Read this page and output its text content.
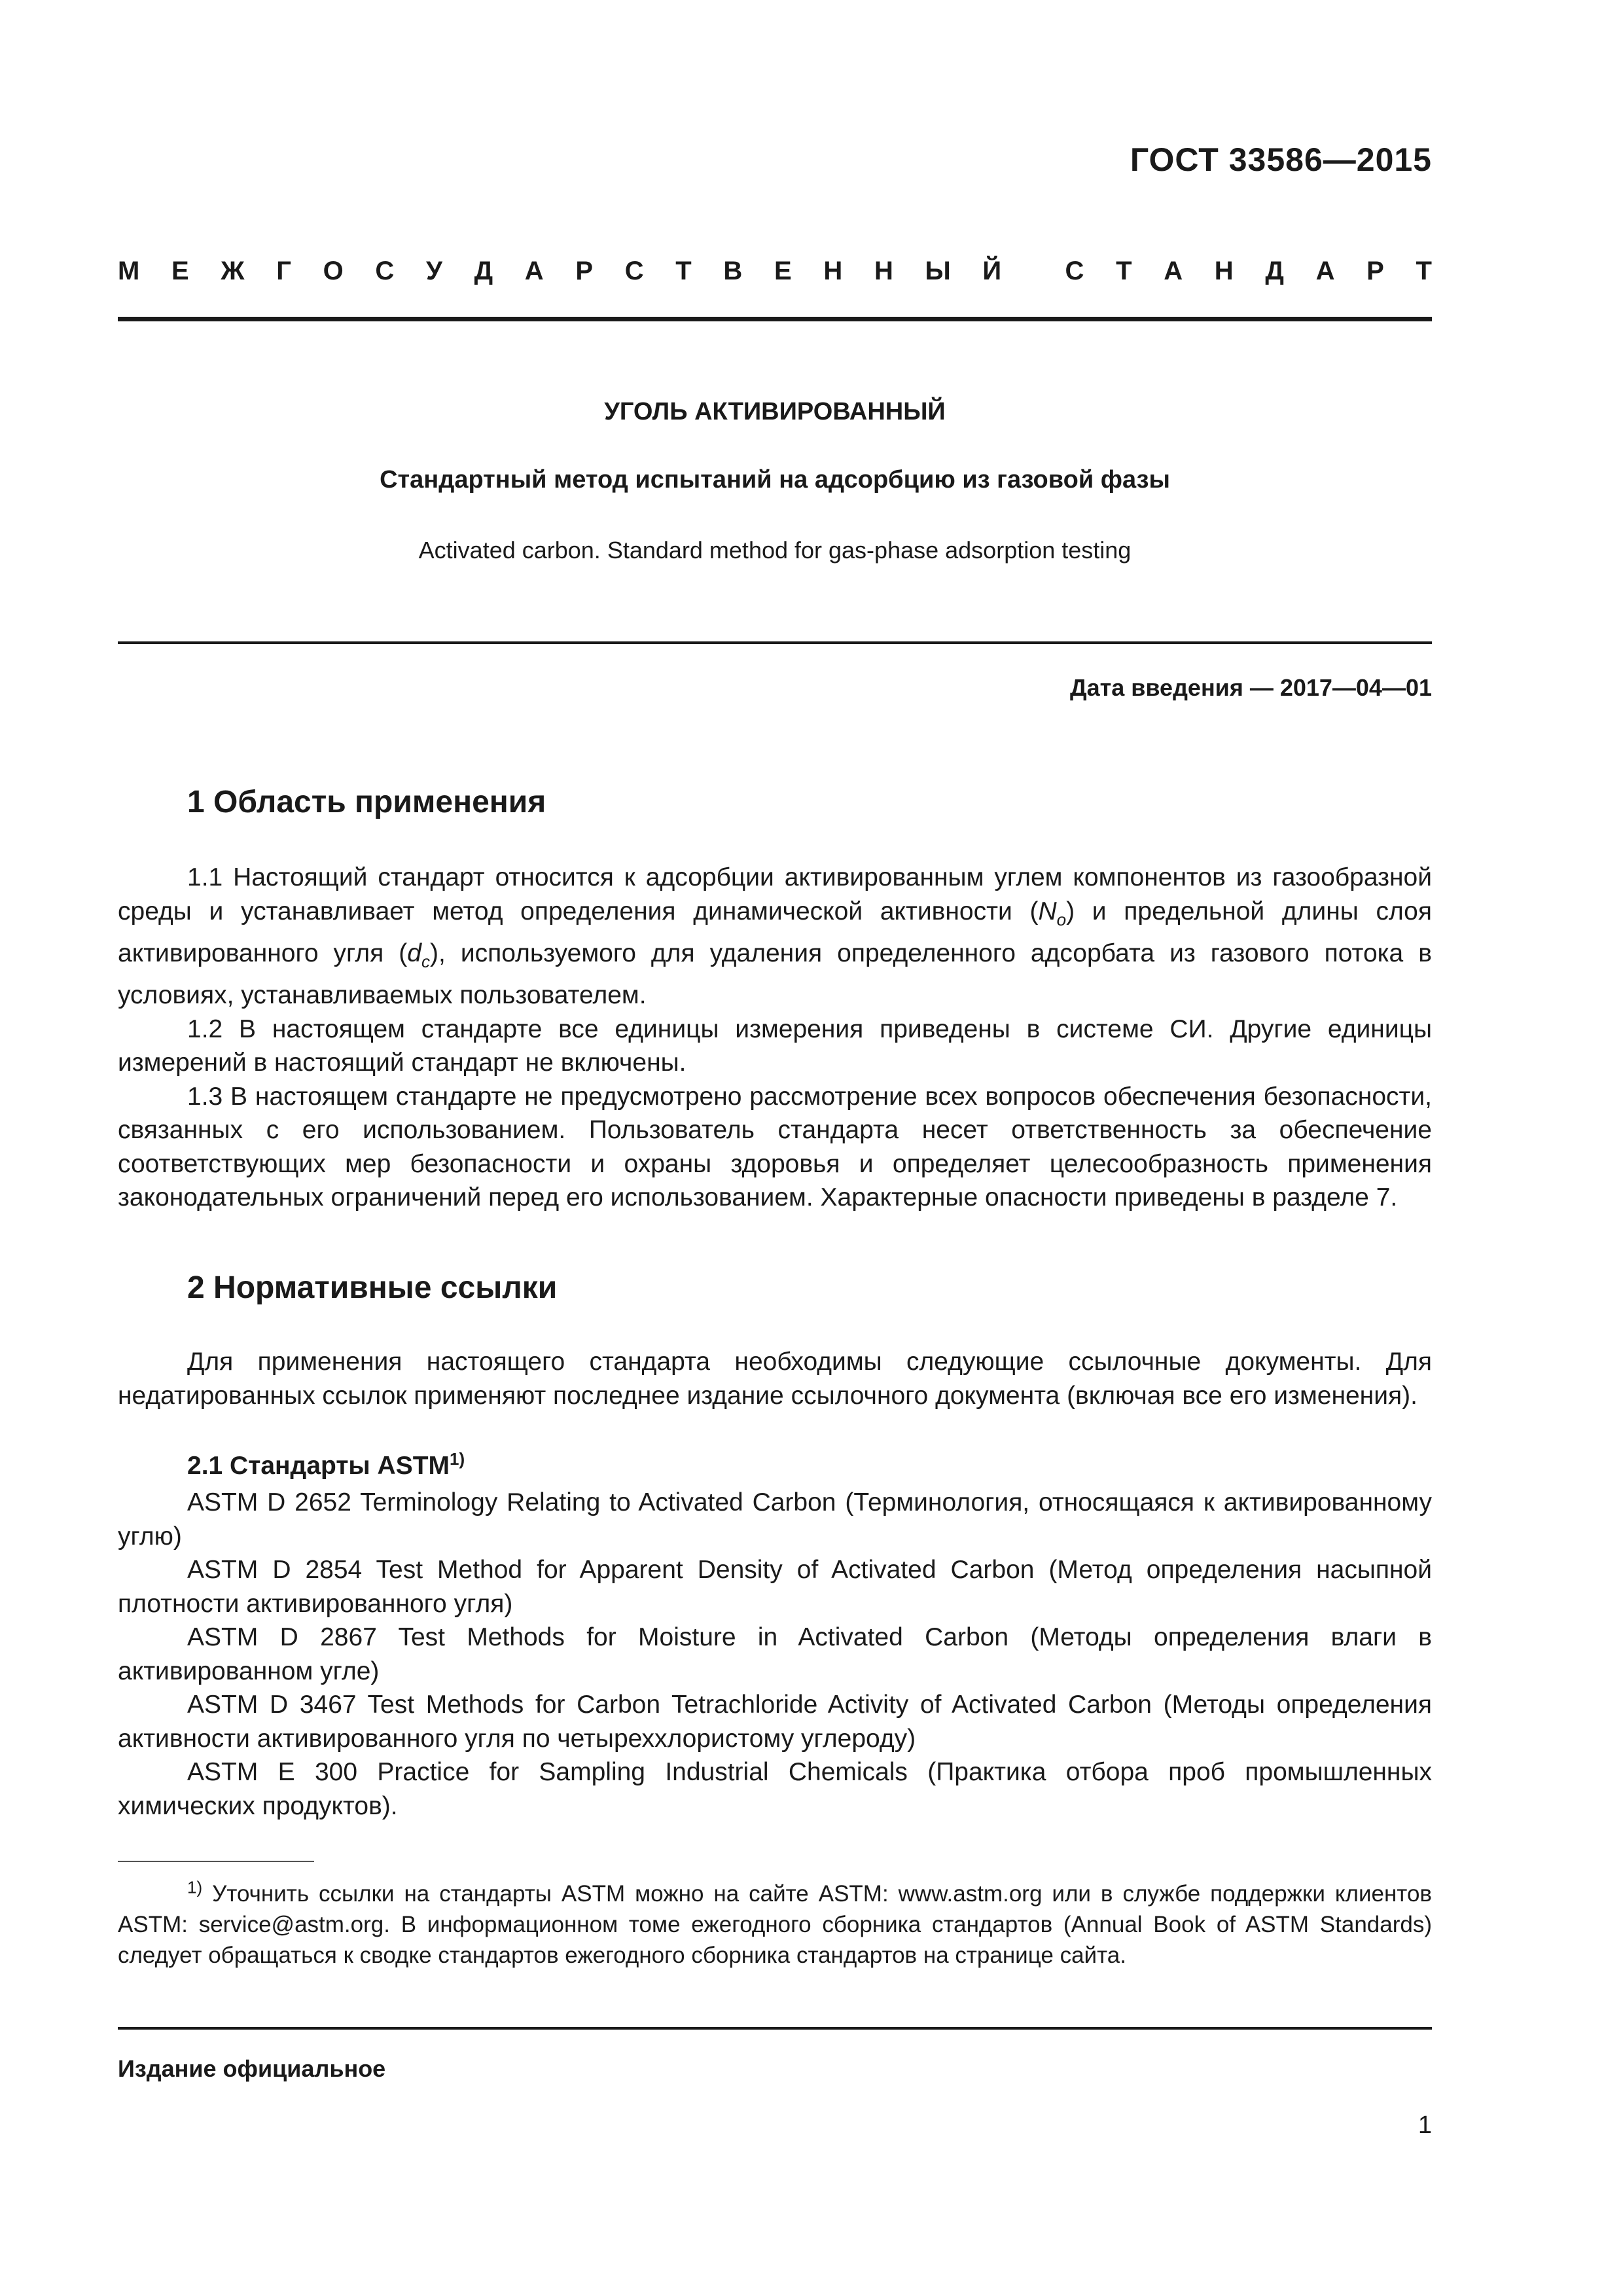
ГОСТ 33586—2015
М Е Ж Г О С У Д А Р С Т В Е Н Н Ы Й С Т А Н Д А Р Т
УГОЛЬ АКТИВИРОВАННЫЙ
Стандартный метод испытаний на адсорбцию из газовой фазы
Activated carbon. Standard method for gas-phase adsorption testing
Дата введения — 2017—04—01
1 Область применения

1.1 Настоящий стандарт относится к адсорбции активированным углем компонентов из газообразной среды и устанавливает метод определения динамической активности $(N_o)$ и предельной длины слоя активированного угля $(d_c)$, используемого для удаления определенного адсорбата из газового потока в условиях, устанавливаемых пользователем.

1.2 В настоящем стандарте все единицы измерения приведены в системе СИ. Другие единицы измерений в настоящий стандарт не включены.

1.3 В настоящем стандарте не предусмотрено рассмотрение всех вопросов обеспечения безопасности, связанных с его использованием. Пользователь стандарта несет ответственность за обеспечение соответствующих мер безопасности и охраны здоровья и определяет целесообразность применения законодательных ограничений перед его использованием. Характерные опасности приведены в разделе 7.

2 Нормативные ссылки

Для применения настоящего стандарта необходимы следующие ссылочные документы. Для недатированных ссылок применяют последнее издание ссылочного документа (включая все его изменения).

2.1 Стандарты ASTM$^{1)}$

ASTM D 2652 Terminology Relating to Activated Carbon (Терминология, относящаяся к активированному углю)

ASTM D 2854 Test Method for Apparent Density of Activated Carbon (Метод определения насыпной плотности активированного угля)

ASTM D 2867 Test Methods for Moisture in Activated Carbon (Методы определения влаги в активированном угле)

ASTM D 3467 Test Methods for Carbon Tetrachloride Activity of Activated Carbon (Методы определения активности активированного угля по четыреххлористому углероду)

ASTM E 300 Practice for Sampling Industrial Chemicals (Практика отбора проб промышленных химических продуктов).

$^{1)}$ Уточнить ссылки на стандарты ASTM можно на сайте ASTM: www.astm.org или в службе поддержки клиентов ASTM: service@astm.org. В информационном томе ежегодного сборника стандартов (Annual Book of ASTM Standards) следует обращаться к сводке стандартов ежегодного сборника стандартов на странице сайта.

Издание официальное
1
